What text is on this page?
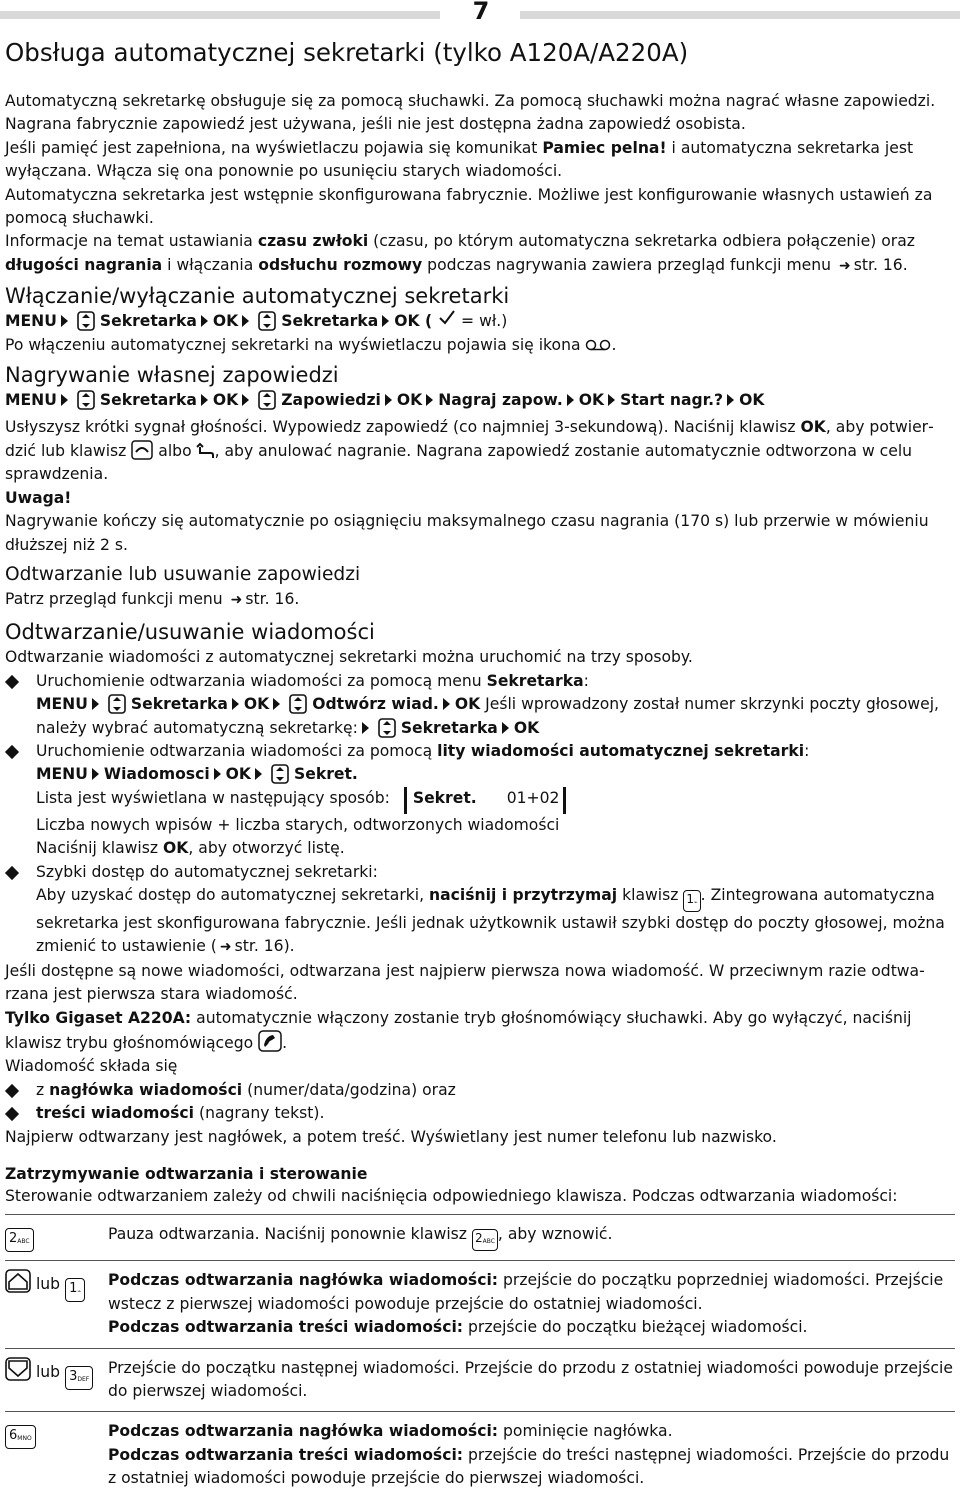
7
Obsługa automatycznej sekretarki (tylko A120A/A220A)

Automatyczną sekretarkę obsługuje się za pomocą słuchawki. Za pomocą słuchawki można nagrać własne zapowiedzi. Nagrana fabrycznie zapowiedź jest używana, jeśli nie jest dostępna żadna zapowiedź osobista.

Jeśli pamięć jest zapełniona, na wyświetlaczu pojawia się komunikat Pamiec pelna! i automatyczna sekretarka jest wyłączana. Włącza się ona ponownie po usunięciu starych wiadomości.

Automatyczna sekretarka jest wstępnie skonfigurowana fabrycznie. Możliwe jest konfigurowanie własnych ustawień za pomocą słuchawki.

Informacje na temat ustawiania czasu zwłoki (czasu, po którym automatyczna sekretarka odbiera połączenie) oraz długości nagrania i włączania odsłuchu rozmowy podczas nagrywania zawiera przegląd funkcji menu ➜ str. 16.

Włączanie/wyłączanie automatycznej sekretarki

MENU	Sekretarka OK	Sekretarka OK ( = wł.)

Po włączeniu automatycznej sekretarki na wyświetlaczu pojawia się ikona .

Nagrywanie własnej zapowiedzi

MENU	Sekretarka OK	Zapowiedzi OK Nagraj zapow. OK Start nagr.? OK

Usłyszysz krótki sygnał głośności. Wypowiedz zapowiedź (co najmniej 3-sekundową). Naciśnij klawisz OK, aby potwierdzić lub klawisz albo , aby anulować nagranie. Nagrana zapowiedź zostanie automatycznie odtworzona w celu sprawdzenia.

Uwaga!

Nagrywanie kończy się automatycznie po osiągnięciu maksymalnego czasu nagrania (170 s) lub przerwie w mówieniu dłuższej niż 2 s.

Odtwarzanie lub usuwanie zapowiedzi

Patrz przegląd funkcji menu ➜ str. 16.

Odtwarzanie/usuwanie wiadomości

Odtwarzanie wiadomości z automatycznej sekretarki można uruchomić na trzy sposoby.

Uruchomienie odtwarzania wiadomości za pomocą menu Sekretarka:
MENU	Sekretarka OK	Odtwórz wiad. OK Jeśli wprowadzony został numer skrzynki poczty głosowej, należy wybrać automatyczną sekretarkę:	Sekretarka OK
Uruchomienie odtwarzania wiadomości za pomocą lity wiadomości automatycznej sekretarki:
MENU Wiadomosci OK	Sekret.
Lista jest wyświetlana w następujący sposób: Sekret. 01+02
Liczba nowych wpisów + liczba starych, odtworzonych wiadomości
Naciśnij klawisz OK, aby otworzyć listę.
Szybki dostęp do automatycznej sekretarki:
Aby uzyskać dostęp do automatycznej sekretarki, naciśnij i przytrzymaj klawisz 1⌁ . Zintegrowana automatyczna sekretarka jest skonfigurowana fabrycznie. Jeśli jednak użytkownik ustawił szybki dostęp do poczty głosowej, można zmienić to ustawienie ( ➜ str. 16).

Jeśli dostępne są nowe wiadomości, odtwarzana jest najpierw pierwsza nowa wiadomość. W przeciwnym razie odtwarzana jest pierwsza stara wiadomość.

Tylko Gigaset A220A: automatycznie włączony zostanie tryb głośnomówiący słuchawki. Aby go wyłączyć, naciśnij klawisz trybu głośnomówiącego .

Wiadomość składa się

z nagłówka wiadomości (numer/data/godzina) oraz
treści wiadomości (nagrany tekst).

Najpierw odtwarzany jest nagłówek, a potem treść. Wyświetlany jest numer telefonu lub nazwisko.

Zatrzymywanie odtwarzania i sterowanie

Sterowanie odtwarzaniem zależy od chwili naciśnięcia odpowiedniego klawisza. Podczas odtwarzania wiadomości:

2ABC	Pauza odtwarzania. Naciśnij ponownie klawisz 2ABC , aby wznowić.
lub 1⌁	Podczas odtwarzania nagłówka wiadomości: przejście do początku poprzedniej wiadomości. Przejście wstecz z pierwszej wiadomości powoduje przejście do ostatniej wiadomości.
Podczas odtwarzania treści wiadomości: przejście do początku bieżącej wiadomości.
lub 3DEF	Przejście do początku następnej wiadomości. Przejście do przodu z ostatniej wiadomości powoduje przejście do pierwszej wiadomości.
6MNO	Podczas odtwarzania nagłówka wiadomości: pominięcie nagłówka.
Podczas odtwarzania treści wiadomości: przejście do treści następnej wiadomości. Przejście do przodu z ostatniej wiadomości powoduje przejście do pierwszej wiadomości.
